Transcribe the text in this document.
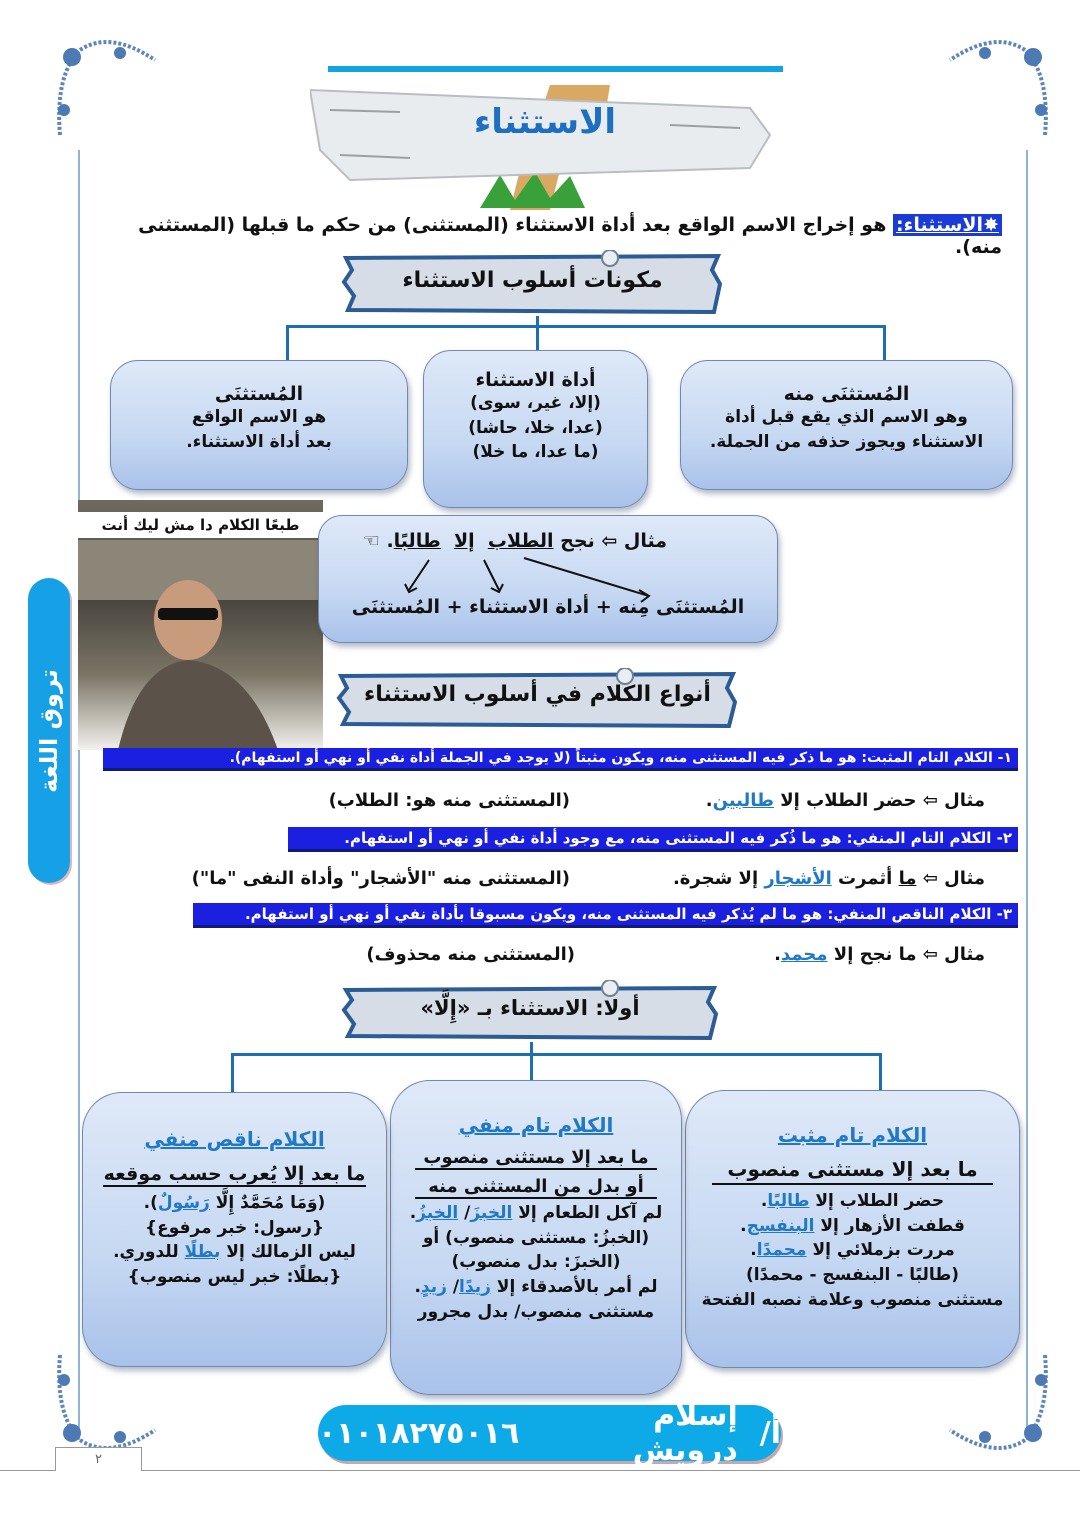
الاستثناء
✸الاستثناء: هو إخراج الاسم الواقع بعد أداة الاستثناء (المستثنى) من حكم ما قبلها (المستثنى منه).
مكونات أسلوب الاستثناء
المُستثنَى منه
وهو الاسم الذي يقع قبل أداة
الاستثناء ويجوز حذفه من الجملة.
أداة الاستثناء
(إلا، غير، سوى)
(عدا، خلا، حاشا)
(ما عدا، ما خلا)
المُستثنَى
هو الاسم الواقع
بعد أداة الاستثناء.
طبعًا الكلام دا مش ليك أنت
مثال ⇦ نجح الطلاب  إلا  طالبًا. ☜
المُستثنَى مِنه + أداة الاستثناء + المُستثنَى
أنواع الكلام في أسلوب الاستثناء
١- الكلام التام المثبت: هو ما ذكر فيه المستثنى منه، ويكون مثبتاً (لا يوجد في الجملة أداة نفي أو نهي أو استفهام).
مثال ⇦ حضر الطلاب إلا طالبين.
(المستثنى منه هو: الطلاب)
٢- الكلام التام المنفي: هو ما ذُكر فيه المستثنى منه، مع وجود أداة نفي أو نهي أو استفهام.
مثال ⇦ ما أثمرت الأشجار إلا شجرة.
(المستثنى منه "الأشجار" وأداة النفى "ما")
٣- الكلام الناقص المنفي: هو ما لم يُذكر فيه المستثنى منه، ويكون مسبوقا بأداة نفي أو نهي أو استفهام.
مثال ⇦ ما نجح إلا محمد.
(المستثنى منه محذوف)
أولا: الاستثناء بـ «إِلَّا»
الكلام تام مثبت
ما بعد إلا مستثنى منصوب
حضر الطلاب إلا طالبًا.
قطفت الأزهار إلا البنفسج.
مررت بزملائي إلا محمدًا.
(طالبًا - البنفسج - محمدًا)
مستثنى منصوب وعلامة نصبه الفتحة
الكلام تام منفي
ما بعد إلا مستثنى منصوب
أو بدل من المستثنى منه
لم آكل الطعام إلا الخبزَ/ الخبزُ.
(الخبزُ: مستثنى منصوب) أو
(الخبزَ: بدل منصوب)
لم أمر بالأصدقاء إلا زيدًا/ زيدٍ.
مستثنى منصوب/ بدل مجرور
الكلام ناقص منفي
ما بعد إلا يُعرب حسب موقعه
(وَمَا مُحَمَّدٌ إِلَّا رَسُولٌ).
{رسول: خبر مرفوع}
ليس الزمالك إلا بطلًا للدوري.
{بطلًا: خبر ليس منصوب}
تروق اللغة
أ/
إسلام درويش
٠١٠١٨٢٧٥٠١٦
٢
